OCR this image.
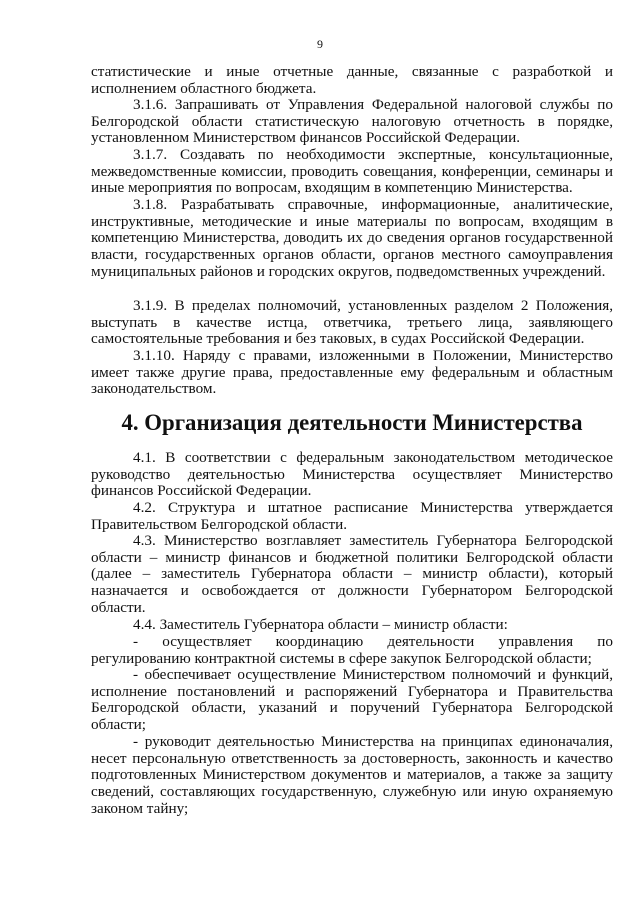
9

статистические и иные отчетные данные, связанные с разработкой и исполнением областного бюджета.

3.1.6. Запрашивать от Управления Федеральной налоговой службы по Белгородской области статистическую налоговую отчетность в порядке, установленном Министерством финансов Российской Федерации.

3.1.7. Создавать по необходимости экспертные, консультационные, межведомственные комиссии, проводить совещания, конференции, семинары и иные мероприятия по вопросам, входящим в компетенцию Министерства.

3.1.8. Разрабатывать справочные, информационные, аналитические, инструктивные, методические и иные материалы по вопросам, входящим в компетенцию Министерства, доводить их до сведения органов государственной власти, государственных органов области, органов местного самоуправления муниципальных районов и городских округов, подведомственных учреждений.

3.1.9. В пределах полномочий, установленных разделом 2 Положения, выступать в качестве истца, ответчика, третьего лица, заявляющего самостоятельные требования и без таковых, в судах Российской Федерации.

3.1.10. Наряду с правами, изложенными в Положении, Министерство имеет также другие права, предоставленные ему федеральным и областным законодательством.

4. Организация деятельности Министерства

4.1. В соответствии с федеральным законодательством методическое руководство деятельностью Министерства осуществляет Министерство финансов Российской Федерации.

4.2. Структура и штатное расписание Министерства утверждается Правительством Белгородской области.

4.3. Министерство возглавляет заместитель Губернатора Белгородской области – министр финансов и бюджетной политики Белгородской области (далее – заместитель Губернатора области – министр области), который назначается и освобождается от должности Губернатором Белгородской области.

4.4. Заместитель Губернатора области – министр области:

- осуществляет координацию деятельности управления по регулированию контрактной системы в сфере закупок Белгородской области;

- обеспечивает осуществление Министерством полномочий и функций, исполнение постановлений и распоряжений Губернатора и Правительства Белгородской области, указаний и поручений Губернатора Белгородской области;

- руководит деятельностью Министерства на принципах единоначалия, несет персональную ответственность за достоверность, законность и качество подготовленных Министерством документов и материалов, а также за защиту сведений, составляющих государственную, служебную или иную охраняемую законом тайну;
